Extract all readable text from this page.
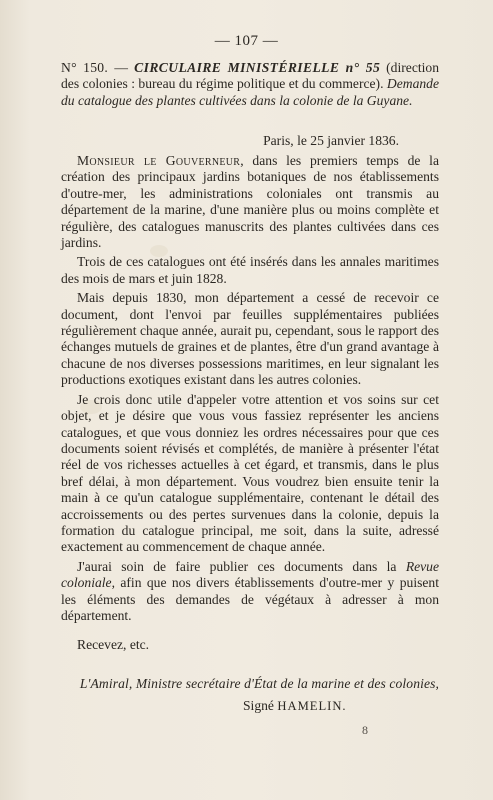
— 107 —
N° 150. — CIRCULAIRE MINISTÉRIELLE n° 55 (direction des colonies : bureau du régime politique et du commerce). Demande du catalogue des plantes cultivées dans la colonie de la Guyane.
Paris, le 25 janvier 1836.

Monsieur le Gouverneur, dans les premiers temps de la création des principaux jardins botaniques de nos établissements d'outre-mer, les administrations coloniales ont transmis au département de la marine, d'une manière plus ou moins complète et régulière, des catalogues manuscrits des plantes cultivées dans ces jardins.

Trois de ces catalogues ont été insérés dans les annales maritimes des mois de mars et juin 1828.

Mais depuis 1830, mon département a cessé de recevoir ce document, dont l'envoi par feuilles supplémentaires publiées régulièrement chaque année, aurait pu, cependant, sous le rapport des échanges mutuels de graines et de plantes, être d'un grand avantage à chacune de nos diverses possessions maritimes, en leur signalant les productions exotiques existant dans les autres colonies.

Je crois donc utile d'appeler votre attention et vos soins sur cet objet, et je désire que vous vous fassiez représenter les anciens catalogues, et que vous donniez les ordres nécessaires pour que ces documents soient révisés et complétés, de manière à présenter l'état réel de vos richesses actuelles à cet égard, et transmis, dans le plus bref délai, à mon département. Vous voudrez bien ensuite tenir la main à ce qu'un catalogue supplémentaire, contenant le détail des accroissements ou des pertes survenues dans la colonie, depuis la formation du catalogue principal, me soit, dans la suite, adressé exactement au commencement de chaque année.

J'aurai soin de faire publier ces documents dans la Revue coloniale, afin que nos divers établissements d'outre-mer y puisent les éléments des demandes de végétaux à adresser à mon département.

Recevez, etc.
L'Amiral, Ministre secrétaire d'État de la marine et des colonies,
Signé HAMELIN.
8
